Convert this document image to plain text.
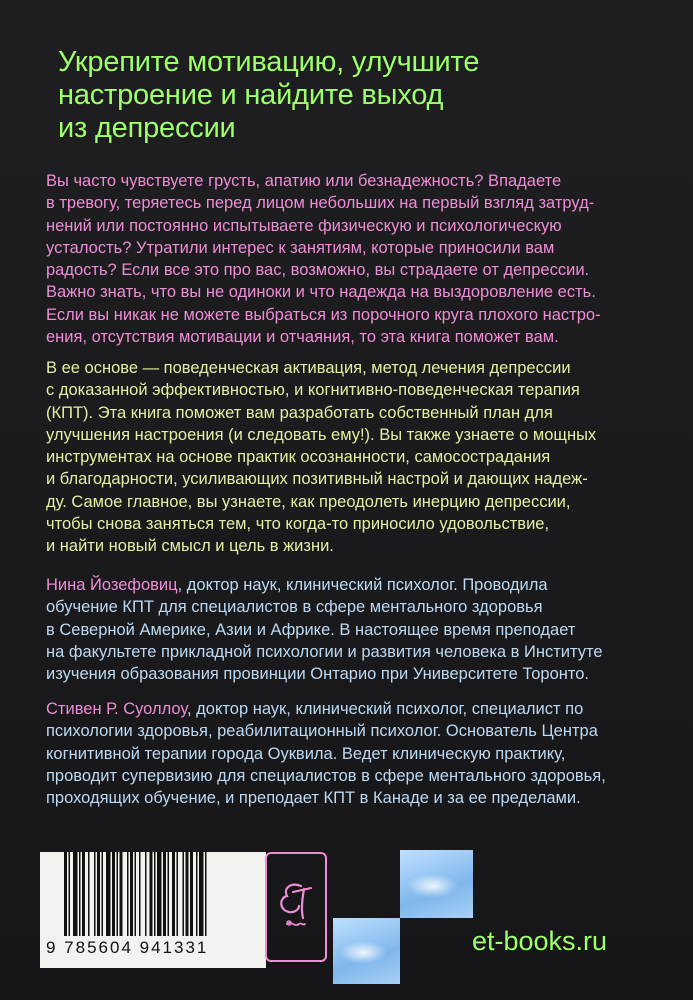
Укрепите мотивацию, улучшите
настроение и найдите выход
из депрессии

Вы часто чувствуете грусть, апатию или безнадежность? Впадаете
в тревогу, теряетесь перед лицом небольших на первый взгляд затруд-
нений или постоянно испытываете физическую и психологическую
усталость? Утратили интерес к занятиям, которые приносили вам
радость? Если все это про вас, возможно, вы страдаете от депрессии.
Важно знать, что вы не одиноки и что надежда на выздоровление есть.
Если вы никак не можете выбраться из порочного круга плохого настро-
ения, отсутствия мотивации и отчаяния, то эта книга поможет вам.

В ее основе — поведенческая активация, метод лечения депрессии
с доказанной эффективностью, и когнитивно-поведенческая терапия
(КПТ). Эта книга поможет вам разработать собственный план для
улучшения настроения (и следовать ему!). Вы также узнаете о мощных
инструментах на основе практик осознанности, самосострадания
и благодарности, усиливающих позитивный настрой и дающих надеж-
ду. Самое главное, вы узнаете, как преодолеть инерцию депрессии,
чтобы снова заняться тем, что когда-то приносило удовольствие,
и найти новый смысл и цель в жизни.

Нина Йозефовиц, доктор наук, клинический психолог. Проводила
обучение КПТ для специалистов в сфере ментального здоровья
в Северной Америке, Азии и Африке. В настоящее время преподает
на факультете прикладной психологии и развития человека в Институте
изучения образования провинции Онтарио при Университете Торонто.

Стивен Р. Суоллоу, доктор наук, клинический психолог, специалист по
психологии здоровья, реабилитационный психолог. Основатель Центра
когнитивной терапии города Оуквила. Ведет клиническую практику,
проводит супервизию для специалистов в сфере ментального здоровья,
проходящих обучение, и преподает КПТ в Канаде и за ее пределами.

9 785604 941331	et-books.ru
